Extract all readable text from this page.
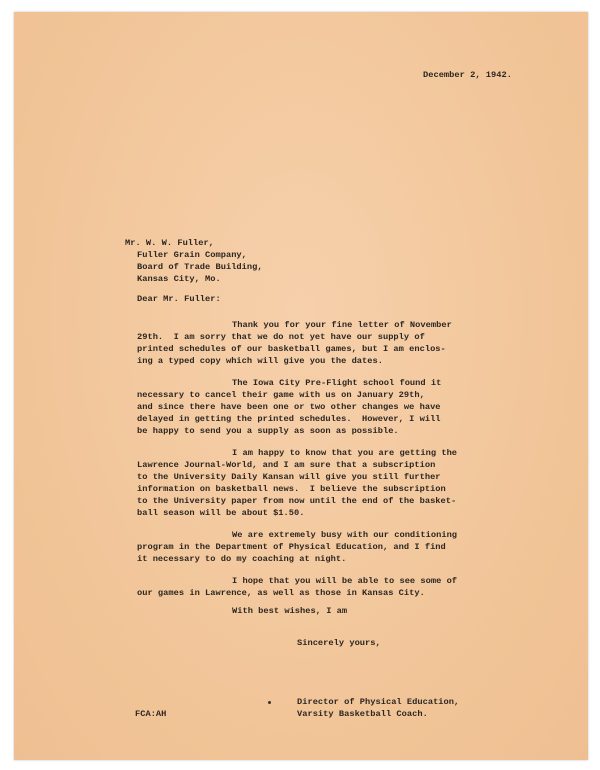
December 2, 1942.
Mr. W. W. Fuller,
Fuller Grain Company,
Board of Trade Building,
Kansas City, Mo.
Dear Mr. Fuller:
Thank you for your fine letter of November
29th.  I am sorry that we do not yet have our supply of
printed schedules of our basketball games, but I am enclos-
ing a typed copy which will give you the dates.
The Iowa City Pre-Flight school found it
necessary to cancel their game with us on January 29th,
and since there have been one or two other changes we have
delayed in getting the printed schedules.  However, I will
be happy to send you a supply as soon as possible.
I am happy to know that you are getting the
Lawrence Journal-World, and I am sure that a subscription
to the University Daily Kansan will give you still further
information on basketball news.  I believe the subscription
to the University paper from now until the end of the basket-
ball season will be about $1.50.
We are extremely busy with our conditioning
program in the Department of Physical Education, and I find
it necessary to do my coaching at night.
I hope that you will be able to see some of
our games in Lawrence, as well as those in Kansas City.
With best wishes, I am
Sincerely yours,
Director of Physical Education,
Varsity Basketball Coach.
FCA:AH
